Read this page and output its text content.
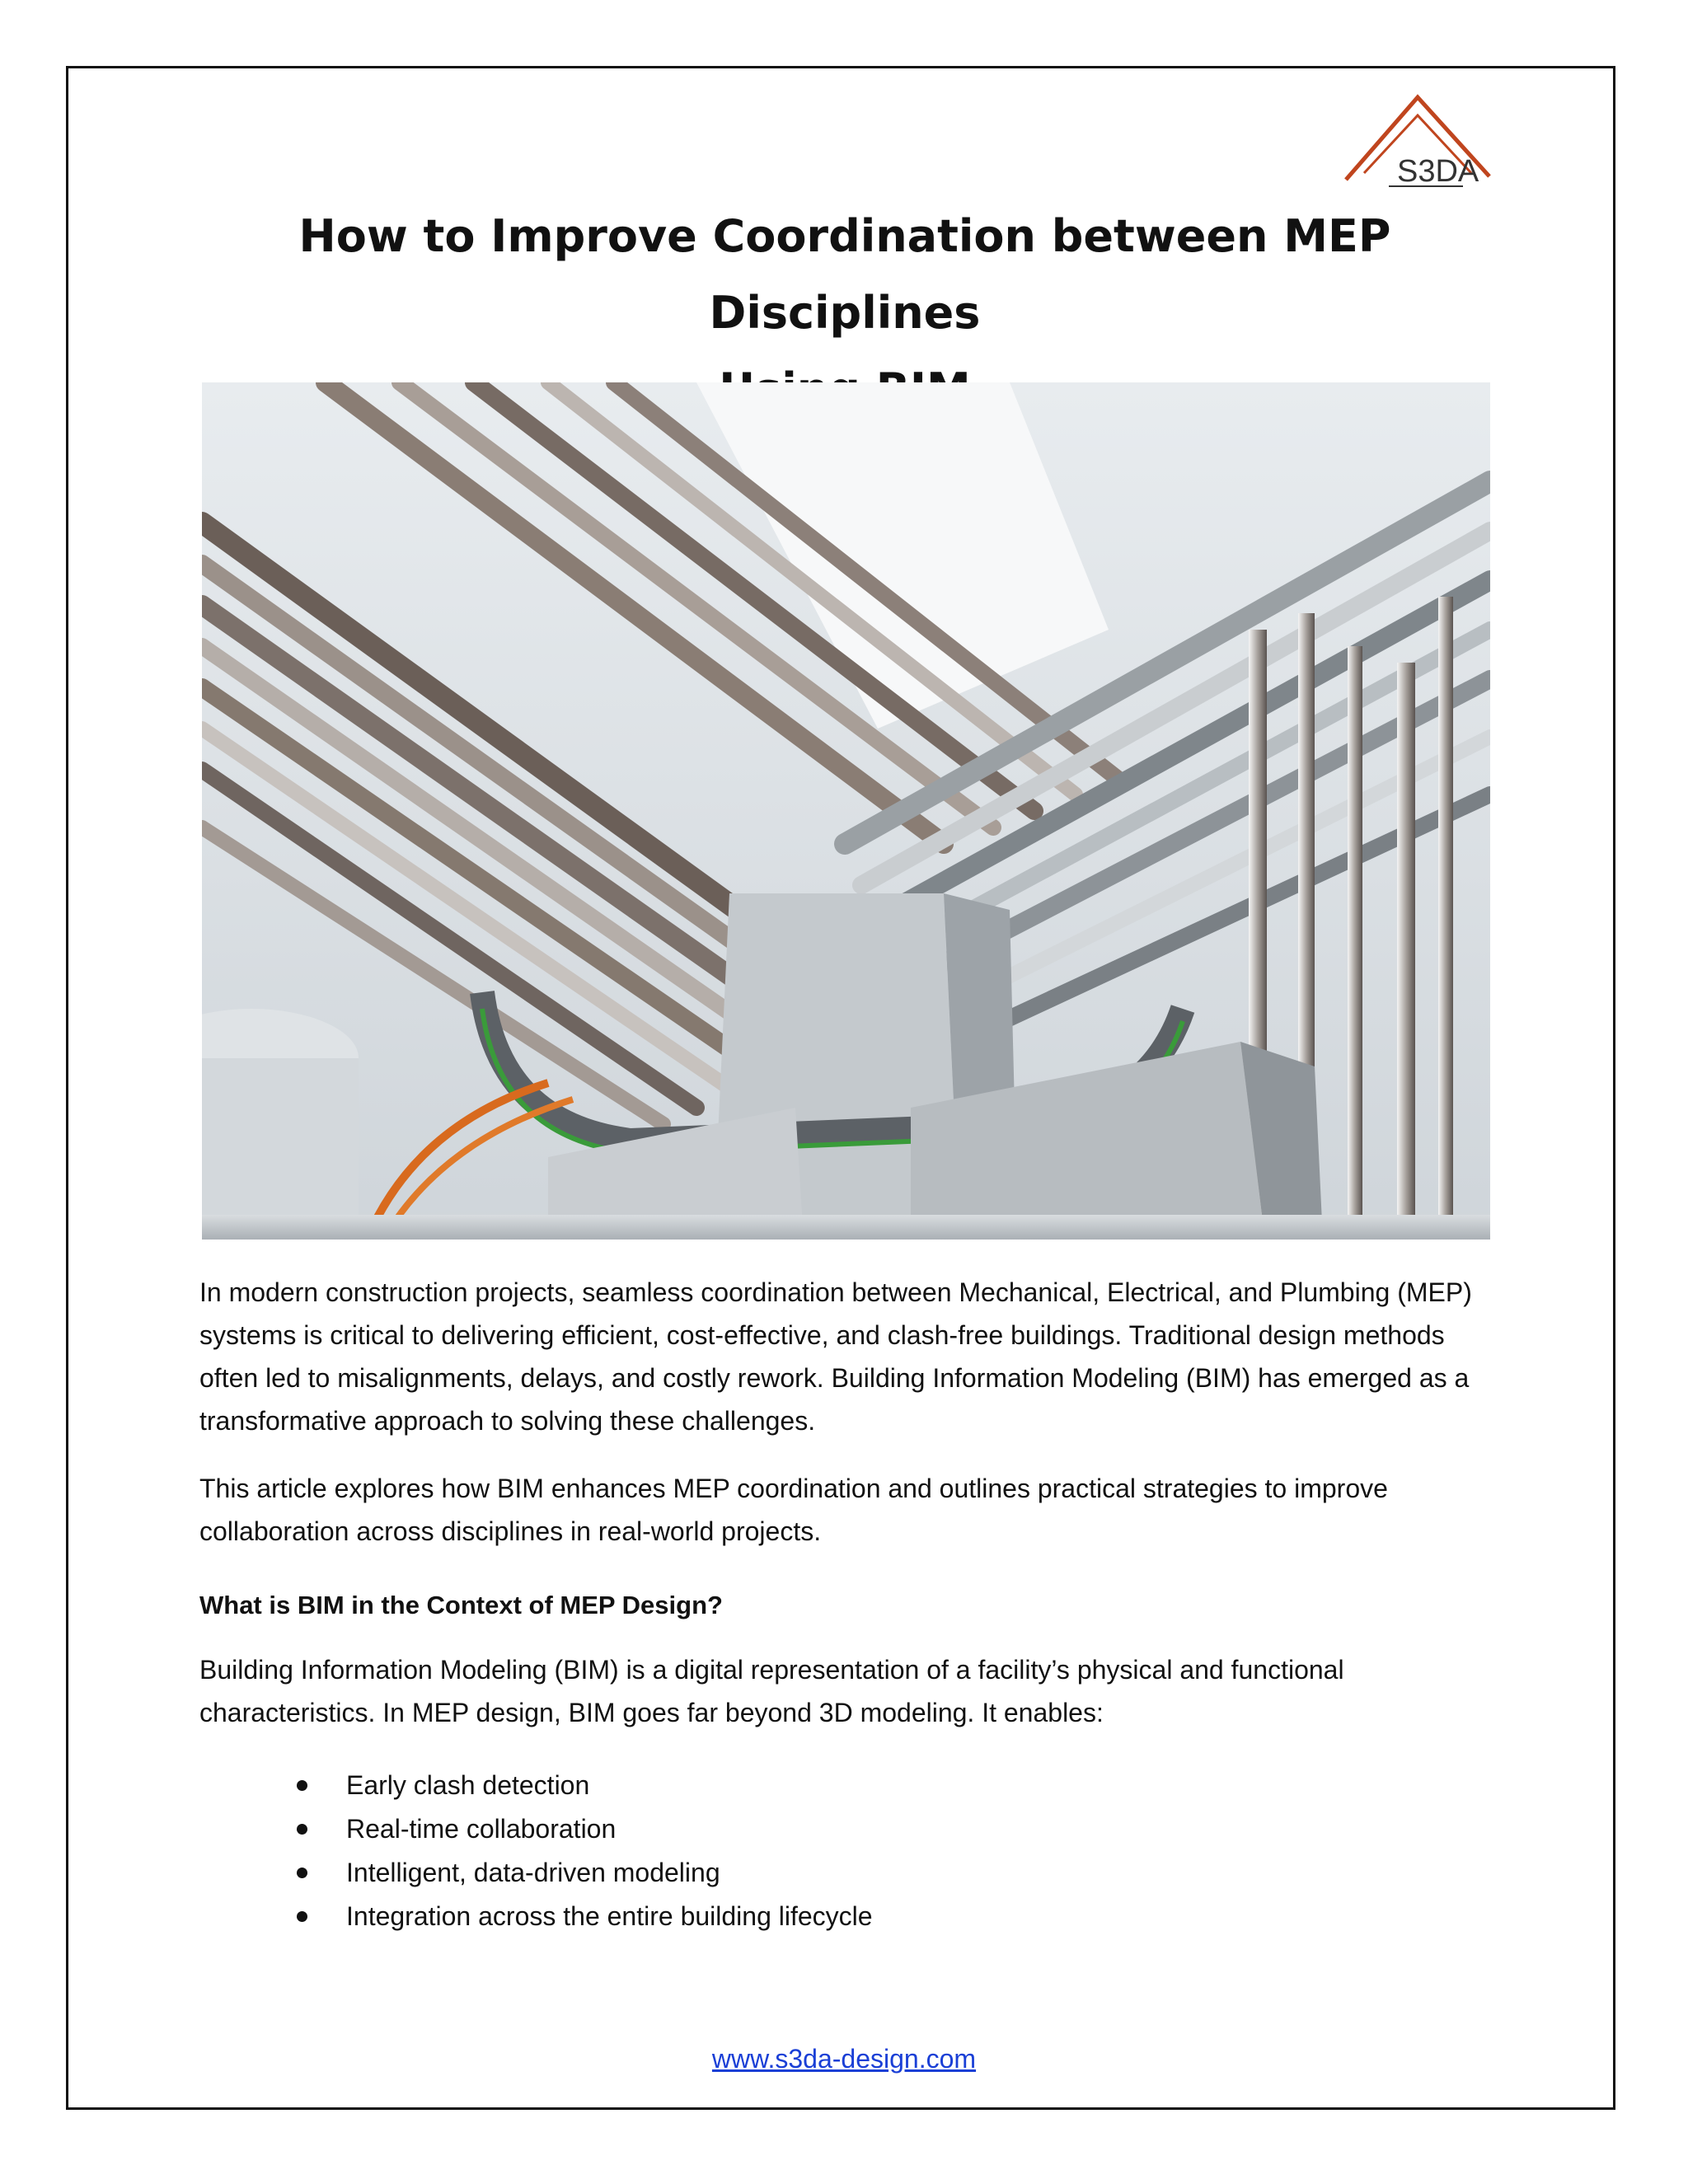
S3DA
How to Improve Coordination between MEP Disciplines

In modern construction projects, seamless coordination between Mechanical, Electrical, and Plumbing (MEP) systems is critical to delivering efficient, cost-effective, and clash-free buildings. Traditional design methods often led to misalignments, delays, and costly rework. Building Information Modeling (BIM) has emerged as a transformative approach to solving these challenges.

This article explores how BIM enhances MEP coordination and outlines practical strategies to improve collaboration across disciplines in real-world projects.

What is BIM in the Context of MEP Design?

Building Information Modeling (BIM) is a digital representation of a facility’s physical and functional characteristics. In MEP design, BIM goes far beyond 3D modeling. It enables:

Early clash detection
Real-time collaboration
Intelligent, data-driven modeling
Integration across the entire building lifecycle
www.s3da-design.com
